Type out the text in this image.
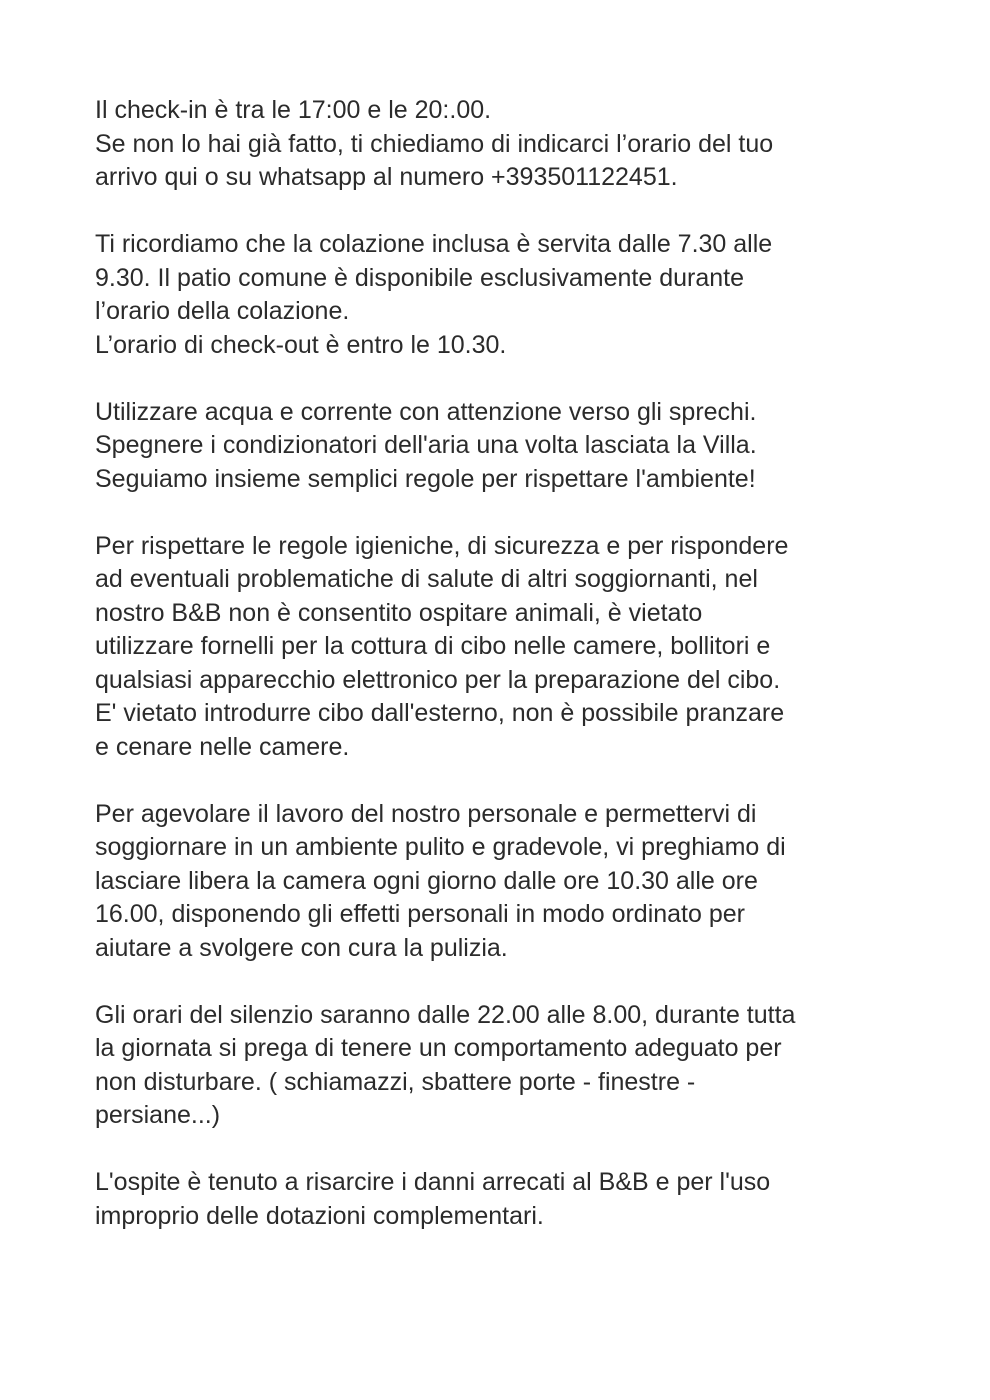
Il check-in è tra le 17:00 e le 20:.00.
Se non lo hai già fatto, ti chiediamo di indicarci l’orario del tuo
arrivo qui o su whatsapp al numero +393501122451.

Ti ricordiamo che la colazione inclusa è servita dalle 7.30 alle
9.30. Il patio comune è disponibile esclusivamente durante
l’orario della colazione.
L’orario di check-out è entro le 10.30.

Utilizzare acqua e corrente con attenzione verso gli sprechi.
Spegnere i condizionatori dell'aria una volta lasciata la Villa.
Seguiamo insieme semplici regole per rispettare l'ambiente!

Per rispettare le regole igieniche, di sicurezza e per rispondere
ad eventuali problematiche di salute di altri soggiornanti, nel
nostro B&B non è consentito ospitare animali, è vietato
utilizzare fornelli per la cottura di cibo nelle camere, bollitori e
qualsiasi apparecchio elettronico per la preparazione del cibo.
E' vietato introdurre cibo dall'esterno, non è possibile pranzare
e cenare nelle camere.

Per agevolare il lavoro del nostro personale e permettervi di
soggiornare in un ambiente pulito e gradevole, vi preghiamo di
lasciare libera la camera ogni giorno dalle ore 10.30 alle ore
16.00, disponendo gli effetti personali in modo ordinato per
aiutare a svolgere con cura la pulizia.

Gli orari del silenzio saranno dalle 22.00 alle 8.00, durante tutta
la giornata si prega di tenere un comportamento adeguato per
non disturbare. ( schiamazzi, sbattere porte - finestre -
persiane...)

L'ospite è tenuto a risarcire i danni arrecati al B&B e per l'uso
improprio delle dotazioni complementari.
